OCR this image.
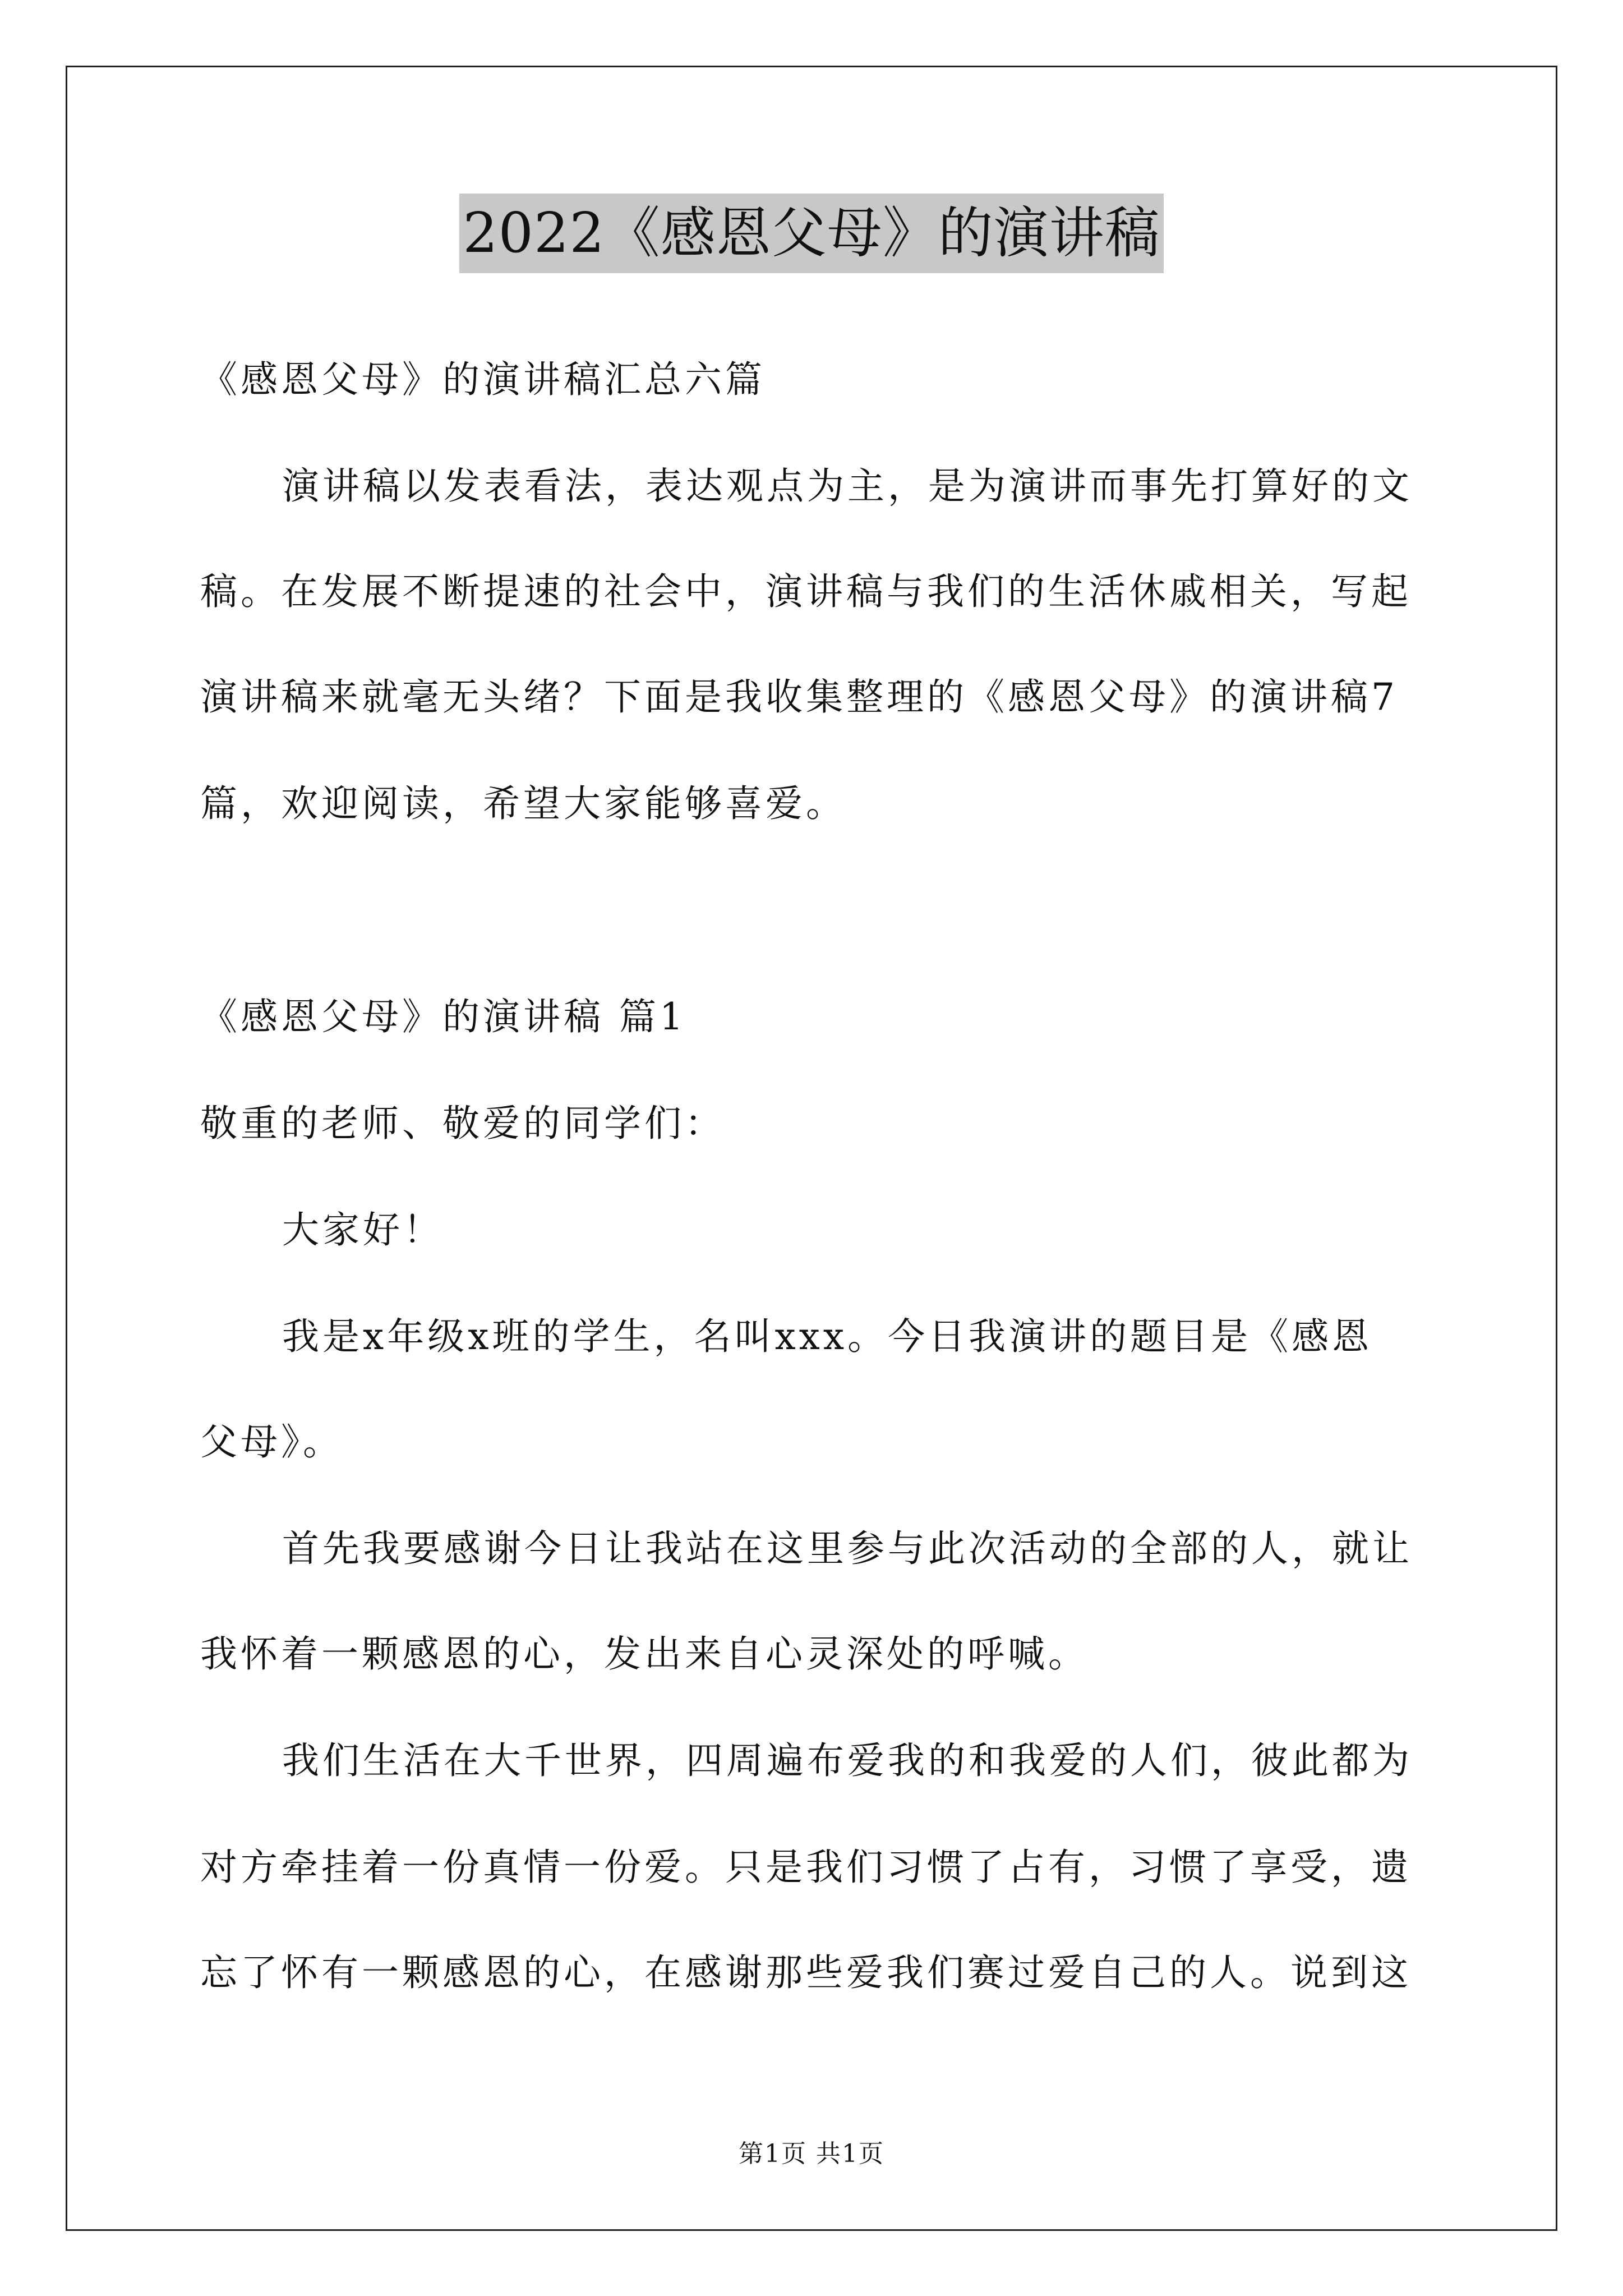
2022《感恩父母》的演讲稿
《感恩父母》的演讲稿汇总六篇
演讲稿以发表看法，表达观点为主，是为演讲而事先打算好的文
稿。在发展不断提速的社会中，演讲稿与我们的生活休戚相关，写起
演讲稿来就毫无头绪？下面是我收集整理的《感恩父母》的演讲稿7
篇，欢迎阅读，希望大家能够喜爱。
《感恩父母》的演讲稿 篇1
敬重的老师、敬爱的同学们：
大家好！
我是x年级x班的学生，名叫xxx。今日我演讲的题目是《感恩
父母》。
首先我要感谢今日让我站在这里参与此次活动的全部的人，就让
我怀着一颗感恩的心，发出来自心灵深处的呼喊。
我们生活在大千世界，四周遍布爱我的和我爱的人们，彼此都为
对方牵挂着一份真情一份爱。只是我们习惯了占有，习惯了享受，遗
忘了怀有一颗感恩的心，在感谢那些爱我们赛过爱自己的人。说到这
第1页 共1页
